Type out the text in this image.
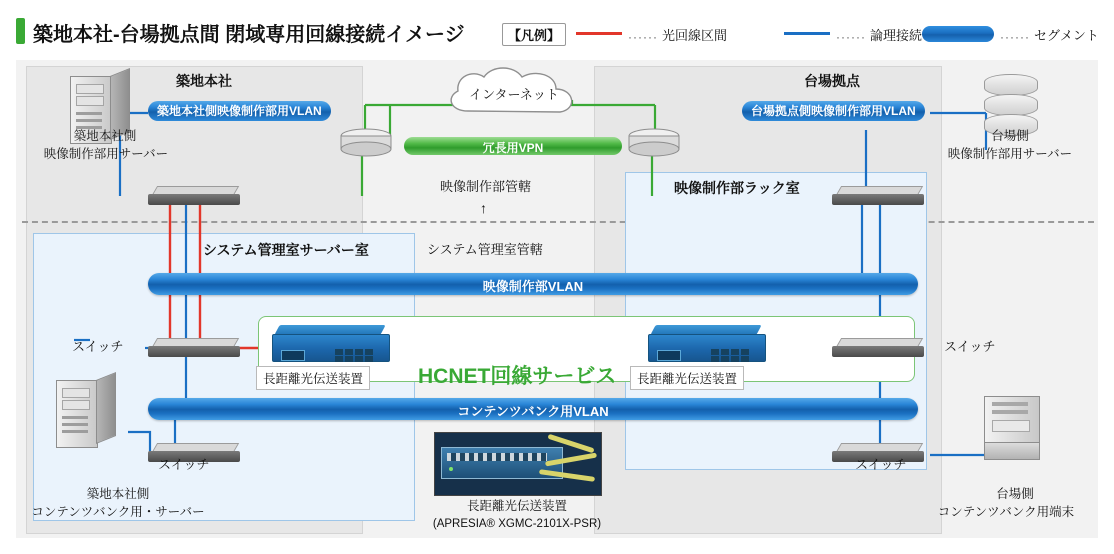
築地本社-台場拠点間 閉域専用回線接続イメージ	【凡例】	······ 光回線区間	······ 論理接続	······ セグメント
築地本社	台場拠点
システム管理室サーバー室
映像制作部ラック室
インターネット
冗長用VPN
築地本社側映像制作部用VLAN	台場拠点側映像制作部用VLAN
HCNET回線サービス
映像制作部VLAN
コンテンツバンク用VLAN
映像制作部管轄
↑
システム管理室管轄
スイッチ
スイッチ
スイッチ
スイッチ
築地本社側
映像制作部用サーバー
台場側
映像制作部用サーバー
築地本社側
コンテンツバンク用・サーバー
台場側
コンテンツバンク用端末
長距離光伝送装置	長距離光伝送装置
長距離光伝送装置
(APRESIA® XGMC-2101X-PSR)
